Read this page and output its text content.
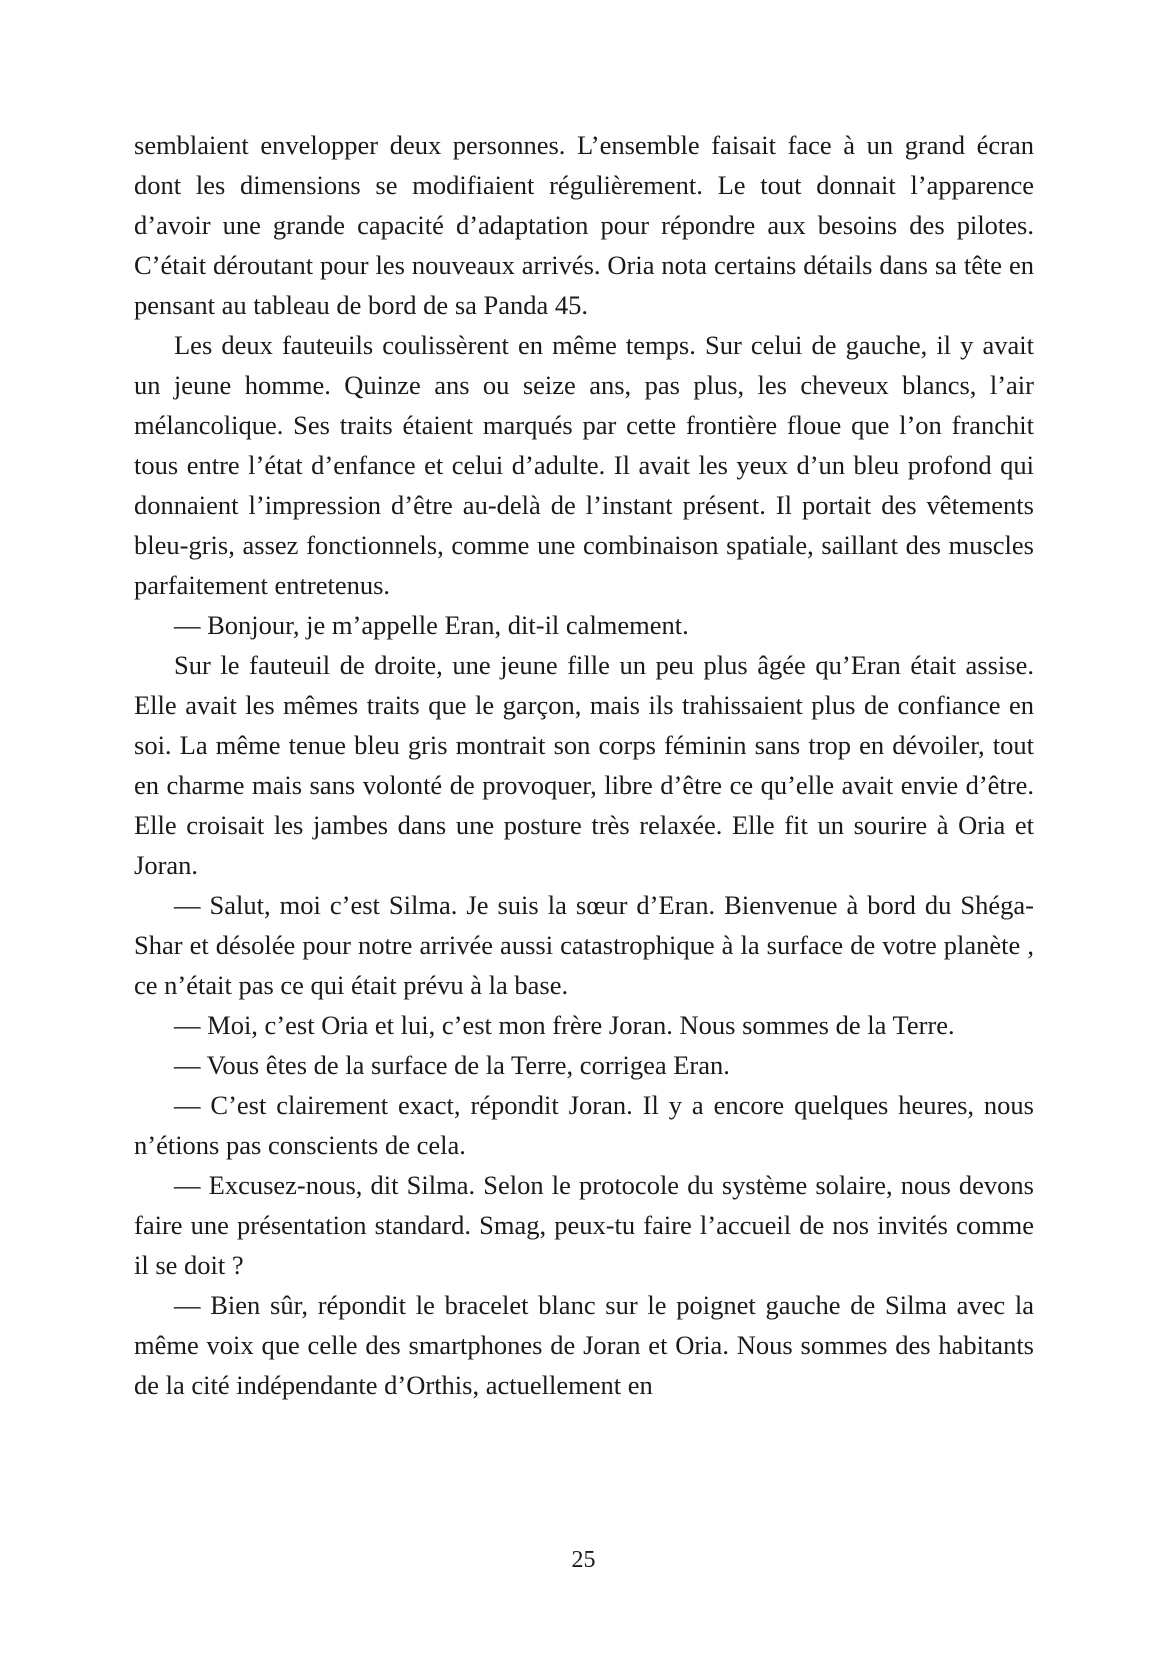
semblaient envelopper deux personnes. L’ensemble faisait face à un grand écran dont les dimensions se modifiaient régulièrement. Le tout donnait l’apparence d’avoir une grande capacité d’adaptation pour répondre aux besoins des pilotes. C’était déroutant pour les nouveaux arrivés. Oria nota certains détails dans sa tête en pensant au tableau de bord de sa Panda 45.

Les deux fauteuils coulissèrent en même temps. Sur celui de gauche, il y avait un jeune homme. Quinze ans ou seize ans, pas plus, les cheveux blancs, l’air mélancolique. Ses traits étaient marqués par cette frontière floue que l’on franchit tous entre l’état d’enfance et celui d’adulte. Il avait les yeux d’un bleu profond qui donnaient l’impression d’être au-delà de l’instant présent. Il portait des vêtements bleu-gris, assez fonctionnels, comme une combinaison spatiale, saillant des muscles parfaitement entretenus.

— Bonjour, je m’appelle Eran, dit-il calmement.

Sur le fauteuil de droite, une jeune fille un peu plus âgée qu’Eran était assise. Elle avait les mêmes traits que le garçon, mais ils trahissaient plus de confiance en soi. La même tenue bleu gris montrait son corps féminin sans trop en dévoiler, tout en charme mais sans volonté de provoquer, libre d’être ce qu’elle avait envie d’être. Elle croisait les jambes dans une posture très relaxée. Elle fit un sourire à Oria et Joran.

— Salut, moi c’est Silma. Je suis la sœur d’Eran. Bienvenue à bord du Shéga-Shar et désolée pour notre arrivée aussi catastrophique à la surface de votre planète , ce n’était pas ce qui était prévu à la base.

— Moi, c’est Oria et lui, c’est mon frère Joran. Nous sommes de la Terre.

— Vous êtes de la surface de la Terre, corrigea Eran.

— C’est clairement exact, répondit Joran. Il y a encore quelques heures, nous n’étions pas conscients de cela.

— Excusez-nous, dit Silma. Selon le protocole du système solaire, nous devons faire une présentation standard. Smag, peux-tu faire l’accueil de nos invités comme il se doit ?

— Bien sûr, répondit le bracelet blanc sur le poignet gauche de Silma avec la même voix que celle des smartphones de Joran et Oria. Nous sommes des habitants de la cité indépendante d’Orthis, actuellement en

25
